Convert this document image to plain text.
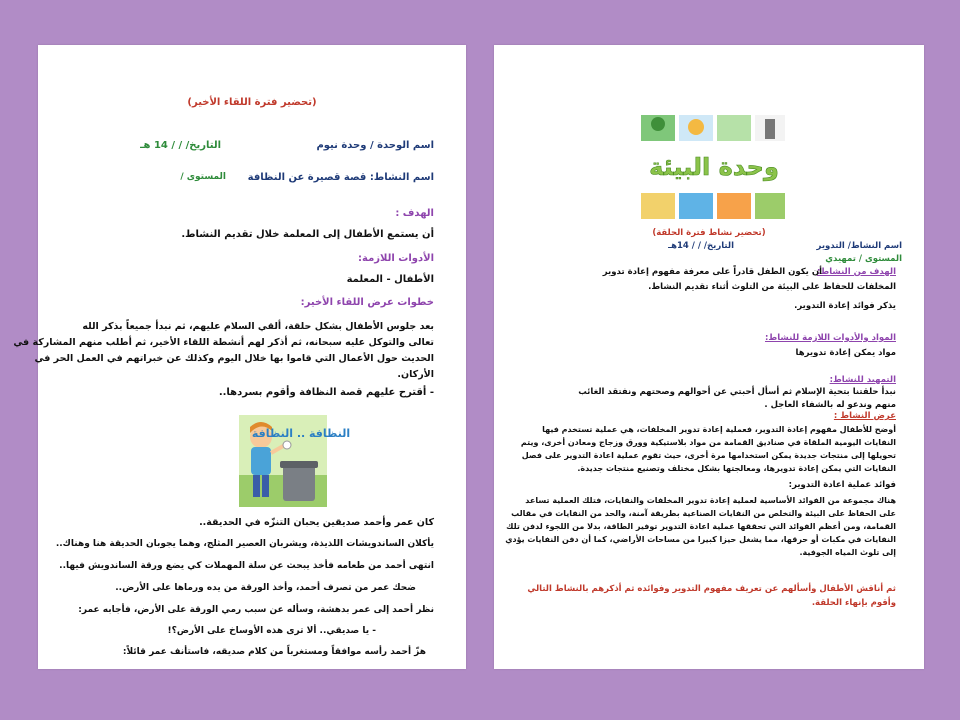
(تحضير فترة اللقاء الأخير)
اسم الوحدة / وحدة نيوم
التاريخ/ / / 14 هـ
اسم النشاط: قصة قصيرة عن النظافة
المستوى /
الهدف :
أن يستمع الأطفال إلى المعلمة خلال تقديم النشاط.
الأدوات اللازمة:
الأطفال - المعلمة
خطوات عرض اللقاء الأخير:
بعد جلوس الأطفال بشكل حلقة، ألقي السلام عليهم، ثم نبدأ جميعاً بذكر الله
تعالى والتوكل عليه سبحانه، ثم أذكر لهم أنشطة اللقاء الأخير، ثم أطلب منهم المشاركة في
الحديث حول الأعمال التي قاموا بها خلال اليوم وكذلك عن خبراتهم في العمل الحر في
الأركان.
- أقترح عليهم قصة النظافة وأقوم بسردها..
النظافة .. النظافة
كان عمر وأحمد صديقين يحبان التنزّه في الحديقة..
يأكلان الساندويشات اللذيذة، ويشربان العصير المثلج، وهما يجوبان الحديقة هنا وهناك..
انتهى أحمد من طعامه فأخذ يبحث عن سلة المهملات كي يضع ورقة الساندويش فيها..
ضحك عمر من تصرف أحمد، وأخذ الورقة من يده ورماها على الأرض..
نظر أحمد إلى عمر بدهشة، وسأله عن سبب رمي الورقة على الأرض، فأجابه عمر:
- يا صديقي.. ألا ترى هذه الأوساخ على الأرض؟!
هزّ أحمد رأسه موافقاً ومستغرباً من كلام صديقه، فاستأنف عمر قائلاً:
وحدة البيئة
(تحضير نشاط فترة الحلقة)
اسم النشاط/ التدوير
التاريخ/ / / 14هـ
المستوى / تمهيدي
الهدف من النشاط:
أن يكون الطفل قادراً على معرفة مفهوم إعادة تدوير
المخلفات للحفاظ على البيئة من التلوث أثناء تقديم النشاط.
يذكر فوائد إعادة التدوير.
المواد والأدوات اللازمة للنشاط:
مواد يمكن إعادة تدويرها
التمهيد للنشاط:
نبدأ حلقتنا بتحية الإسلام ثم أسأل أحبتي عن أحوالهم وصحتهم ونفتقد الغائب
منهم وندعو له بالشفاء العاجل .
عرض النشاط :
أوضح للأطفال مفهوم إعادة التدوير، فعملية إعادة تدوير المخلفات، هي عملية تستخدم فيها
النفايات اليومية الملقاة في صناديق القمامة من مواد بلاستيكية وورق وزجاج ومعادن أخرى، ويتم
تحويلها إلى منتجات جديدة يمكن استخدامها مرة أخرى، حيث تقوم عملية اعادة التدوير على فصل
النفايات التي يمكن إعادة تدويرها، ومعالجتها بشكل مختلف وتصنيع منتجات جديدة.
فوائد عملية اعادة التدوير:
هناك مجموعة من الفوائد الأساسية لعملية إعادة تدوير المخلفات والنفايات، فتلك العملية تساعد
على الحفاظ على البيئة والتخلص من النفايات الصناعية بطريقة آمنة، والحد من النفايات في مقالب
القمامة، ومن أعظم الفوائد التي تحققها عملية اعادة التدوير توفير الطاقة، بدلا من اللجوء لدفن تلك
النفايات في مكبات أو حرقها، مما يشغل حيزا كبيرا من مساحات الأراضي، كما أن دفن النفايات يؤدي
إلى تلوث المياه الجوفية.
ثم أناقش الأطفال وأسألهم عن تعريف مفهوم التدوير وفوائده ثم أذكرهم بالنشاط التالي
وأقوم بإنهاء الحلقة.
